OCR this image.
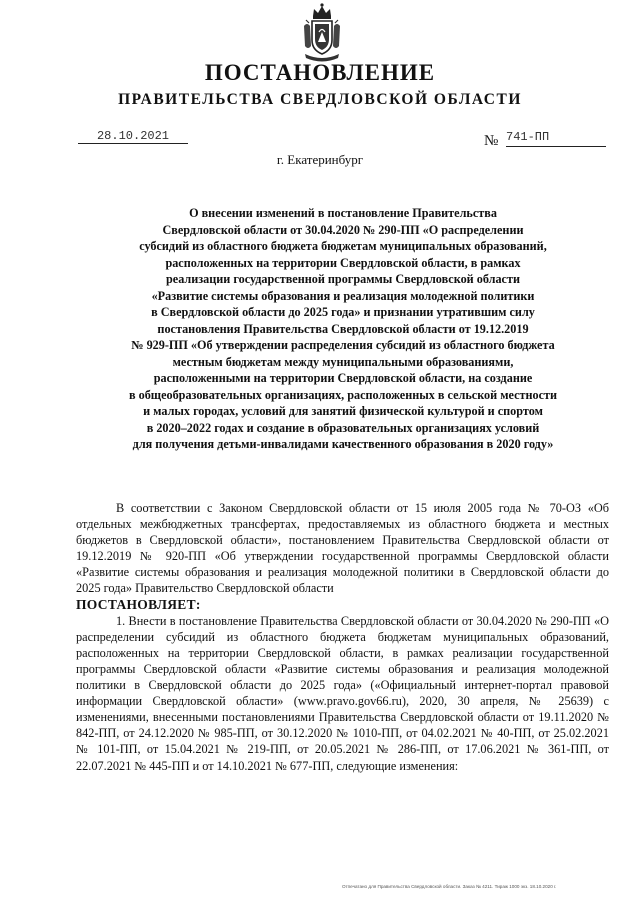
ПОСТАНОВЛЕНИЕ
ПРАВИТЕЛЬСТВА СВЕРДЛОВСКОЙ ОБЛАСТИ
28.10.2021	№ 741-ПП
г. Екатеринбург
О внесении изменений в постановление Правительства
Свердловской области от 30.04.2020 № 290-ПП «О распределении
субсидий из областного бюджета бюджетам муниципальных образований,
расположенных на территории Свердловской области, в рамках
реализации государственной программы Свердловской области
«Развитие системы образования и реализация молодежной политики
в Свердловской области до 2025 года» и признании утратившим силу
постановления Правительства Свердловской области от 19.12.2019
№ 929-ПП «Об утверждении распределения субсидий из областного бюджета
местным бюджетам между муниципальными образованиями,
расположенными на территории Свердловской области, на создание
в общеобразовательных организациях, расположенных в сельской местности
и малых городах, условий для занятий физической культурой и спортом
в 2020–2022 годах и создание в образовательных организациях условий
для получения детьми-инвалидами качественного образования в 2020 году»

В соответствии с Законом Свердловской области от 15 июля 2005 года № 70-ОЗ «Об отдельных межбюджетных трансфертах, предоставляемых из областного бюджета и местных бюджетов в Свердловской области», постановлением Правительства Свердловской области от 19.12.2019 № 920-ПП «Об утверждении государственной программы Свердловской области «Развитие системы образования и реализация молодежной политики в Свердловской области до 2025 года» Правительство Свердловской области

ПОСТАНОВЛЯЕТ:

1. Внести в постановление Правительства Свердловской области от 30.04.2020 № 290-ПП «О распределении субсидий из областного бюджета бюджетам муниципальных образований, расположенных на территории Свердловской области, в рамках реализации государственной программы Свердловской области «Развитие системы образования и реализация молодежной политики в Свердловской области до 2025 года» («Официальный интернет-портал правовой информации Свердловской области» (www.pravo.gov66.ru), 2020, 30 апреля, № 25639) с изменениями, внесенными постановлениями Правительства Свердловской области от 19.11.2020 № 842-ПП, от 24.12.2020 № 985-ПП, от 30.12.2020 № 1010-ПП, от 04.02.2021 № 40-ПП, от 25.02.2021 № 101-ПП, от 15.04.2021 № 219-ПП, от 20.05.2021 № 286-ПП, от 17.06.2021 № 361-ПП, от 22.07.2021 № 445-ПП и от 14.10.2021 № 677-ПП, следующие изменения:

Отпечатано для Правительства Свердловской области. Заказ № 4211. Тираж 1000 экз. 18.10.2020 г.
